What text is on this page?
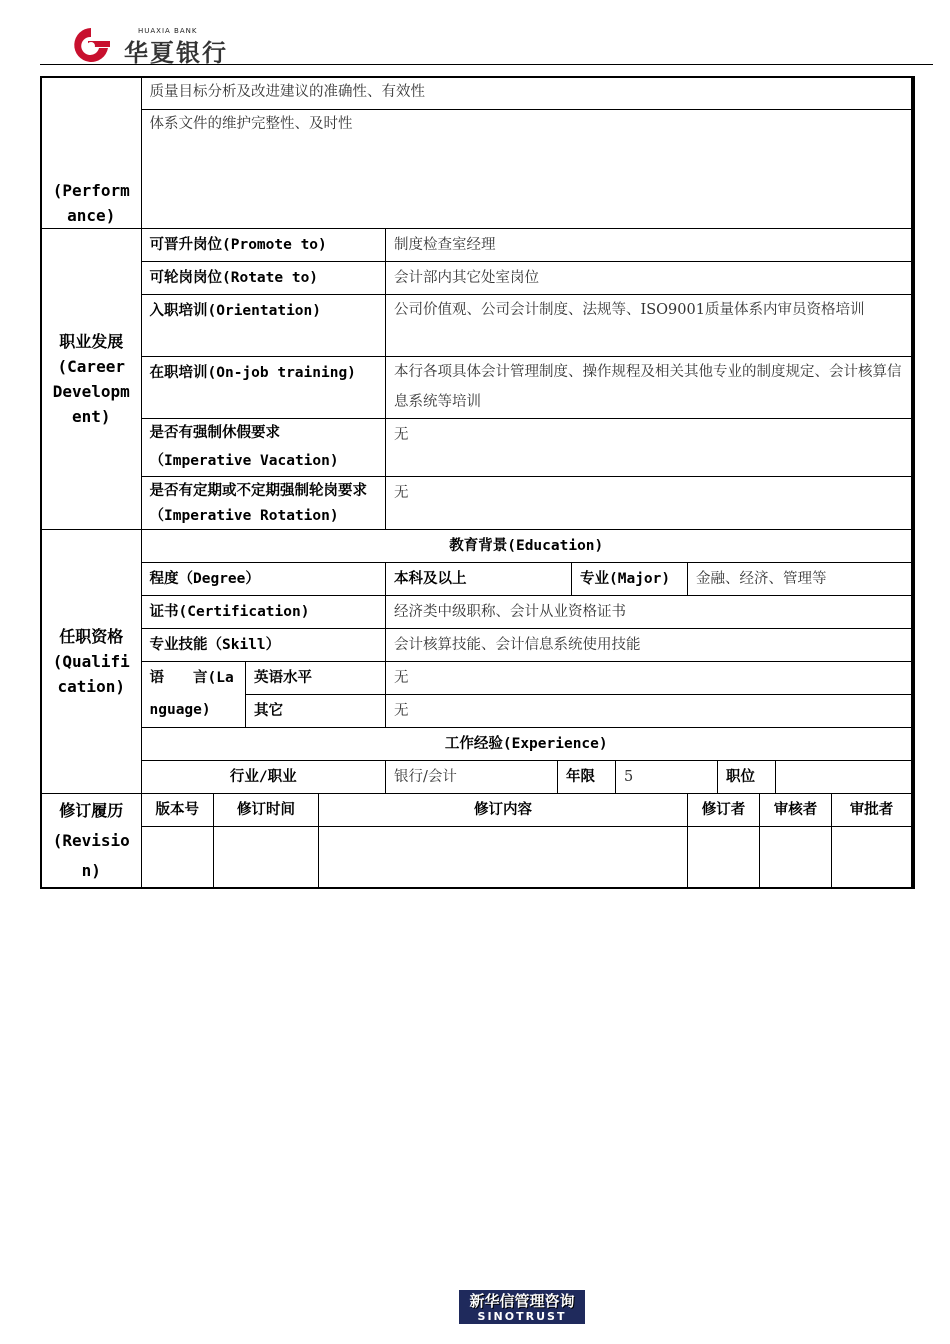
HUAXIA BANK
华夏银行
(Performance)

质量目标分析及改进建议的准确性、有效性
体系文件的维护完整性、及时性

职业发展(Career Development)

可晋升岗位(Promote to)	制度检查室经理
可轮岗岗位(Rotate to)	会计部内其它处室岗位
入职培训(Orientation)	公司价值观、公司会计制度、法规等、ISO9001质量体系内审员资格培训
在职培训(On-job training)	本行各项具体会计管理制度、操作规程及相关其他专业的制度规定、会计核算信息系统等培训
是否有强制休假要求（Imperative Vacation)	无
是否有定期或不定期强制轮岗要求（Imperative Rotation)	无

任职资格(Qualification)

教育背景(Education)
程度（Degree）	本科及以上	专业(Major)	金融、经济、管理等
证书(Certification)	经济类中级职称、会计从业资格证书
专业技能（Skill）	会计核算技能、会计信息系统使用技能
语　　言(Language)	英语水平	无
其它	无
工作经验(Experience)

行业/职业	银行/会计	年限	5	职位	

修订履历(Revision)

版本号	修订时间	修订内容	修订者	审核者	审批者

新华信管理咨询
SINOTRUST
